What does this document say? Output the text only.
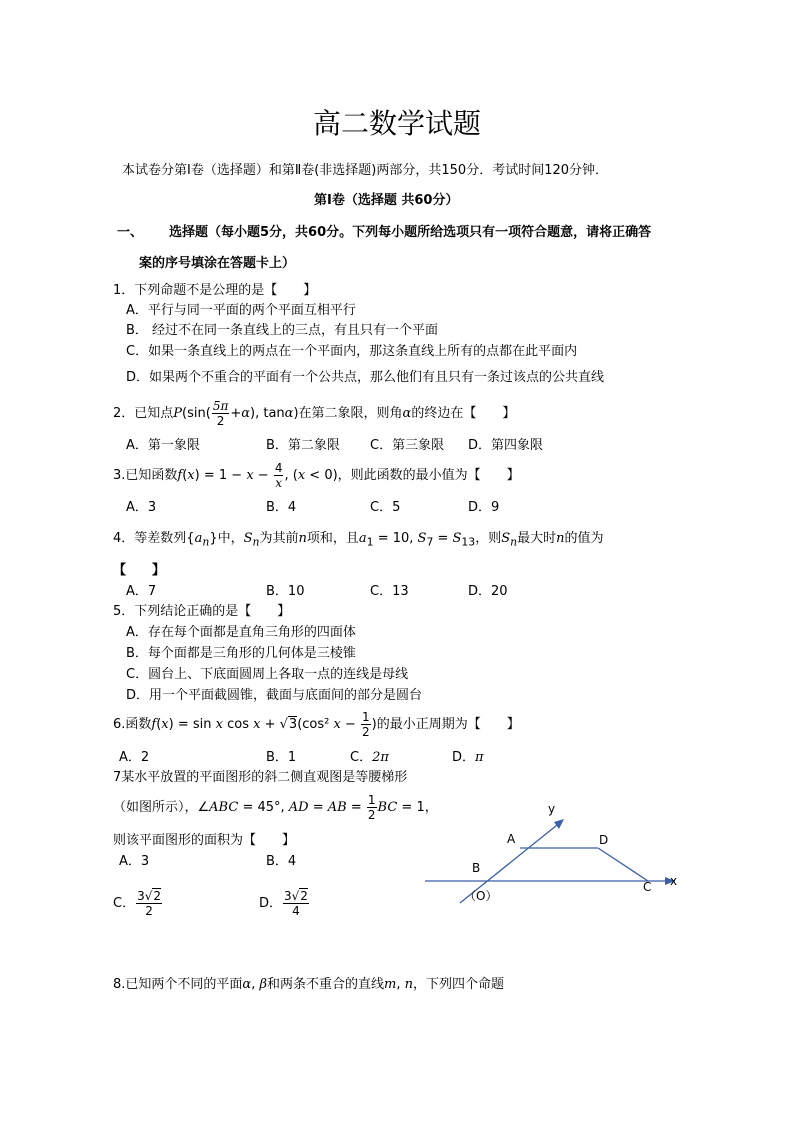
高二数学试题
本试卷分第Ⅰ卷（选择题）和第Ⅱ卷(非选择题)两部分，共150分．考试时间120分钟．
第Ⅰ卷（选择题 共60分）
一、 选择题（每小题5分，共60分。下列每小题所给选项只有一项符合题意，请将正确答
案的序号填涂在答题卡上）
1．下列命题不是公理的是【　　】
A．平行与同一平面的两个平面互相平行
B． 经过不在同一条直线上的三点，有且只有一个平面
C．如果一条直线上的两点在一个平面内，那这条直线上所有的点都在此平面内
D．如果两个不重合的平面有一个公共点，那么他们有且只有一条过该点的公共直线
2．已知点$P(\sin( \frac{5\pi}{2} +\alpha)$, tanα)在第二象限，则角α的终边在【　　】
A．第一象限	B．第二象限 C．第三象限 D．第四象限
3.已知函数$f(x) = 1 - x - \frac{4}{x}$ , (x < 0)，则此函数的最小值为【　　】
A．3	B．4	C．5	D．9
4．等差数列$\{a_n\}$中，$S_n$为其前n项和，且$a_1 = 10$, $S_7 = S_{13}$，则$S_n$最大时n的值为
【　　】
A．7	B．10	C．13	D．20
5．下列结论正确的是【　　】
A．存在每个面都是直角三角形的四面体
B．每个面都是三角形的几何体是三棱锥
C．圆台上、下底面圆周上各取一点的连线是母线
D．用一个平面截圆锥，截面与底面间的部分是圆台
6.函数f(x) = sin x cos x + √3(cos² $x - \frac{1}{2}$ )的最小正周期为【　　】
A．2	B．1	C．2π	D．π
7某水平放置的平面图形的斜二侧直观图是等腰梯形
（如图所示），∠ABC = 45°, AD = AB = $\frac{1}{2}$ BC = 1，
则该平面图形的面积为【　　】
A．3	B．4
C． $\frac{3√2}{2}$	D． $\frac{3√2}{4}$
y
x
A	D
B
C
（O）
8.已知两个不同的平面α, β和两条不重合的直线m, n，下列四个命题
